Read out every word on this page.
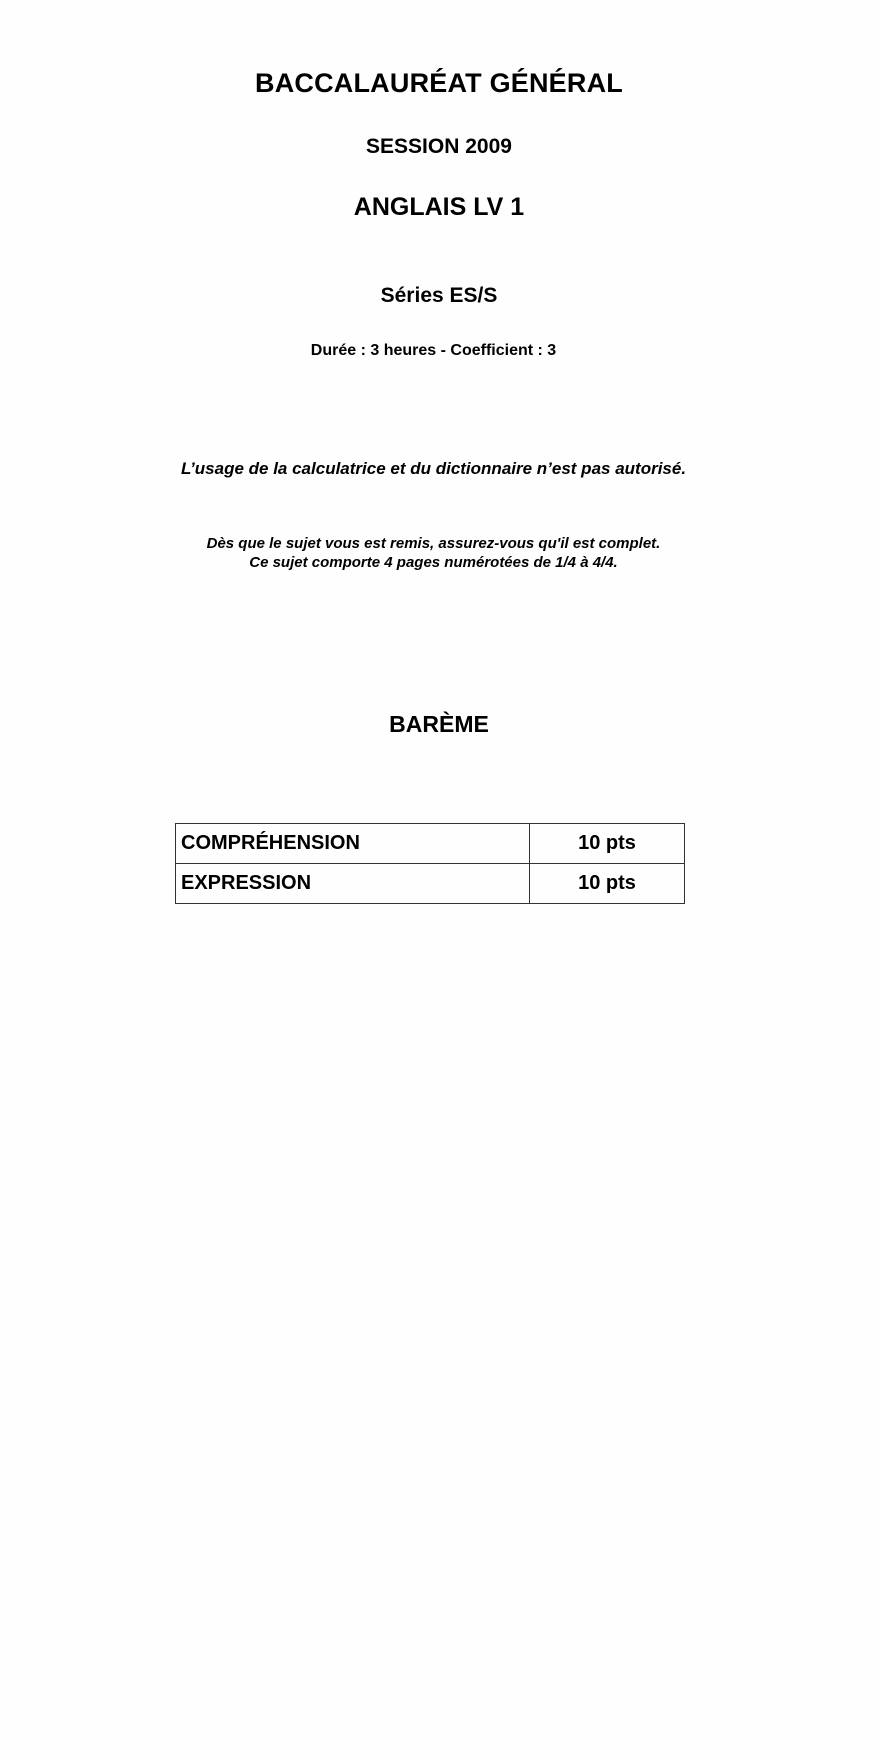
BACCALAURÉAT GÉNÉRAL
SESSION 2009
ANGLAIS LV 1
Séries ES/S
Durée : 3 heures - Coefficient : 3
L’usage de la calculatrice et du dictionnaire n’est pas autorisé.
Dès que le sujet vous est remis, assurez-vous qu'il est complet.
Ce sujet comporte 4 pages numérotées de 1/4 à 4/4.
BARÈME
COMPRÉHENSION	10 pts
EXPRESSION	10 pts
